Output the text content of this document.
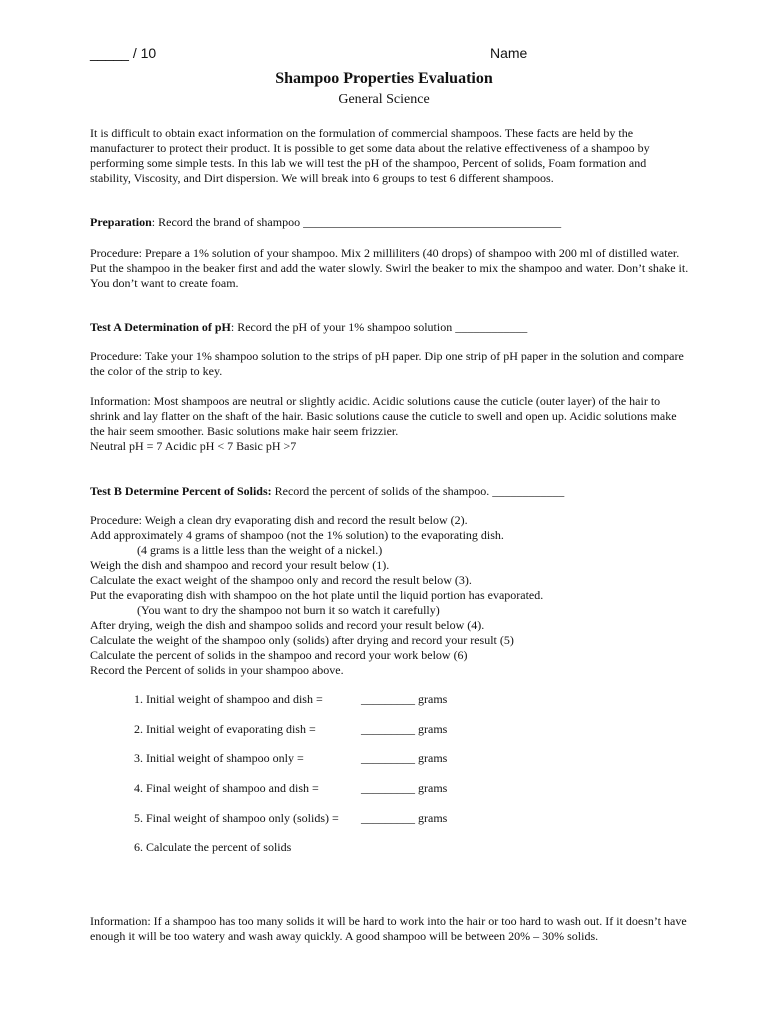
_____ / 10	Name
Shampoo Properties Evaluation
General Science
It is difficult to obtain exact information on the formulation of commercial shampoos. These facts are held by the manufacturer to protect their product. It is possible to get some data about the relative effectiveness of a shampoo by performing some simple tests. In this lab we will test the pH of the shampoo, Percent of solids, Foam formation and stability, Viscosity, and Dirt dispersion. We will break into 6 groups to test 6 different shampoos.
Preparation: Record the brand of shampoo ___________________________________________
Procedure: Prepare a 1% solution of your shampoo. Mix 2 milliliters (40 drops) of shampoo with 200 ml of distilled water. Put the shampoo in the beaker first and add the water slowly. Swirl the beaker to mix the shampoo and water. Don’t shake it. You don’t want to create foam.
Test A Determination of pH: Record the pH of your 1% shampoo solution ____________
Procedure: Take your 1% shampoo solution to the strips of pH paper. Dip one strip of pH paper in the solution and compare the color of the strip to key.
Information: Most shampoos are neutral or slightly acidic. Acidic solutions cause the cuticle (outer layer) of the hair to shrink and lay flatter on the shaft of the hair. Basic solutions cause the cuticle to swell and open up. Acidic solutions make the hair seem smoother. Basic solutions make hair seem frizzier.
Neutral pH = 7 Acidic pH < 7 Basic pH >7
Test B Determine Percent of Solids: Record the percent of solids of the shampoo. ____________

Procedure: Weigh a clean dry evaporating dish and record the result below (2).

Add approximately 4 grams of shampoo (not the 1% solution) to the evaporating dish.

(4 grams is a little less than the weight of a nickel.)

Weigh the dish and shampoo and record your result below (1).

Calculate the exact weight of the shampoo only and record the result below (3).

Put the evaporating dish with shampoo on the hot plate until the liquid portion has evaporated.

(You want to dry the shampoo not burn it so watch it carefully)

After drying, weigh the dish and shampoo solids and record your result below (4).

Calculate the weight of the shampoo only (solids) after drying and record your result (5)

Calculate the percent of solids in the shampoo and record your work below (6)

Record the Percent of solids in your shampoo above.

1. Initial weight of shampoo and dish =	_________ grams
2. Initial weight of evaporating dish =	_________ grams
3. Initial weight of shampoo only =	_________ grams
4. Final weight of shampoo and dish =	_________ grams
5. Final weight of shampoo only (solids) = _________ grams
6. Calculate the percent of solids
Information: If a shampoo has too many solids it will be hard to work into the hair or too hard to wash out. If it doesn’t have enough it will be too watery and wash away quickly. A good shampoo will be between 20% – 30% solids.
